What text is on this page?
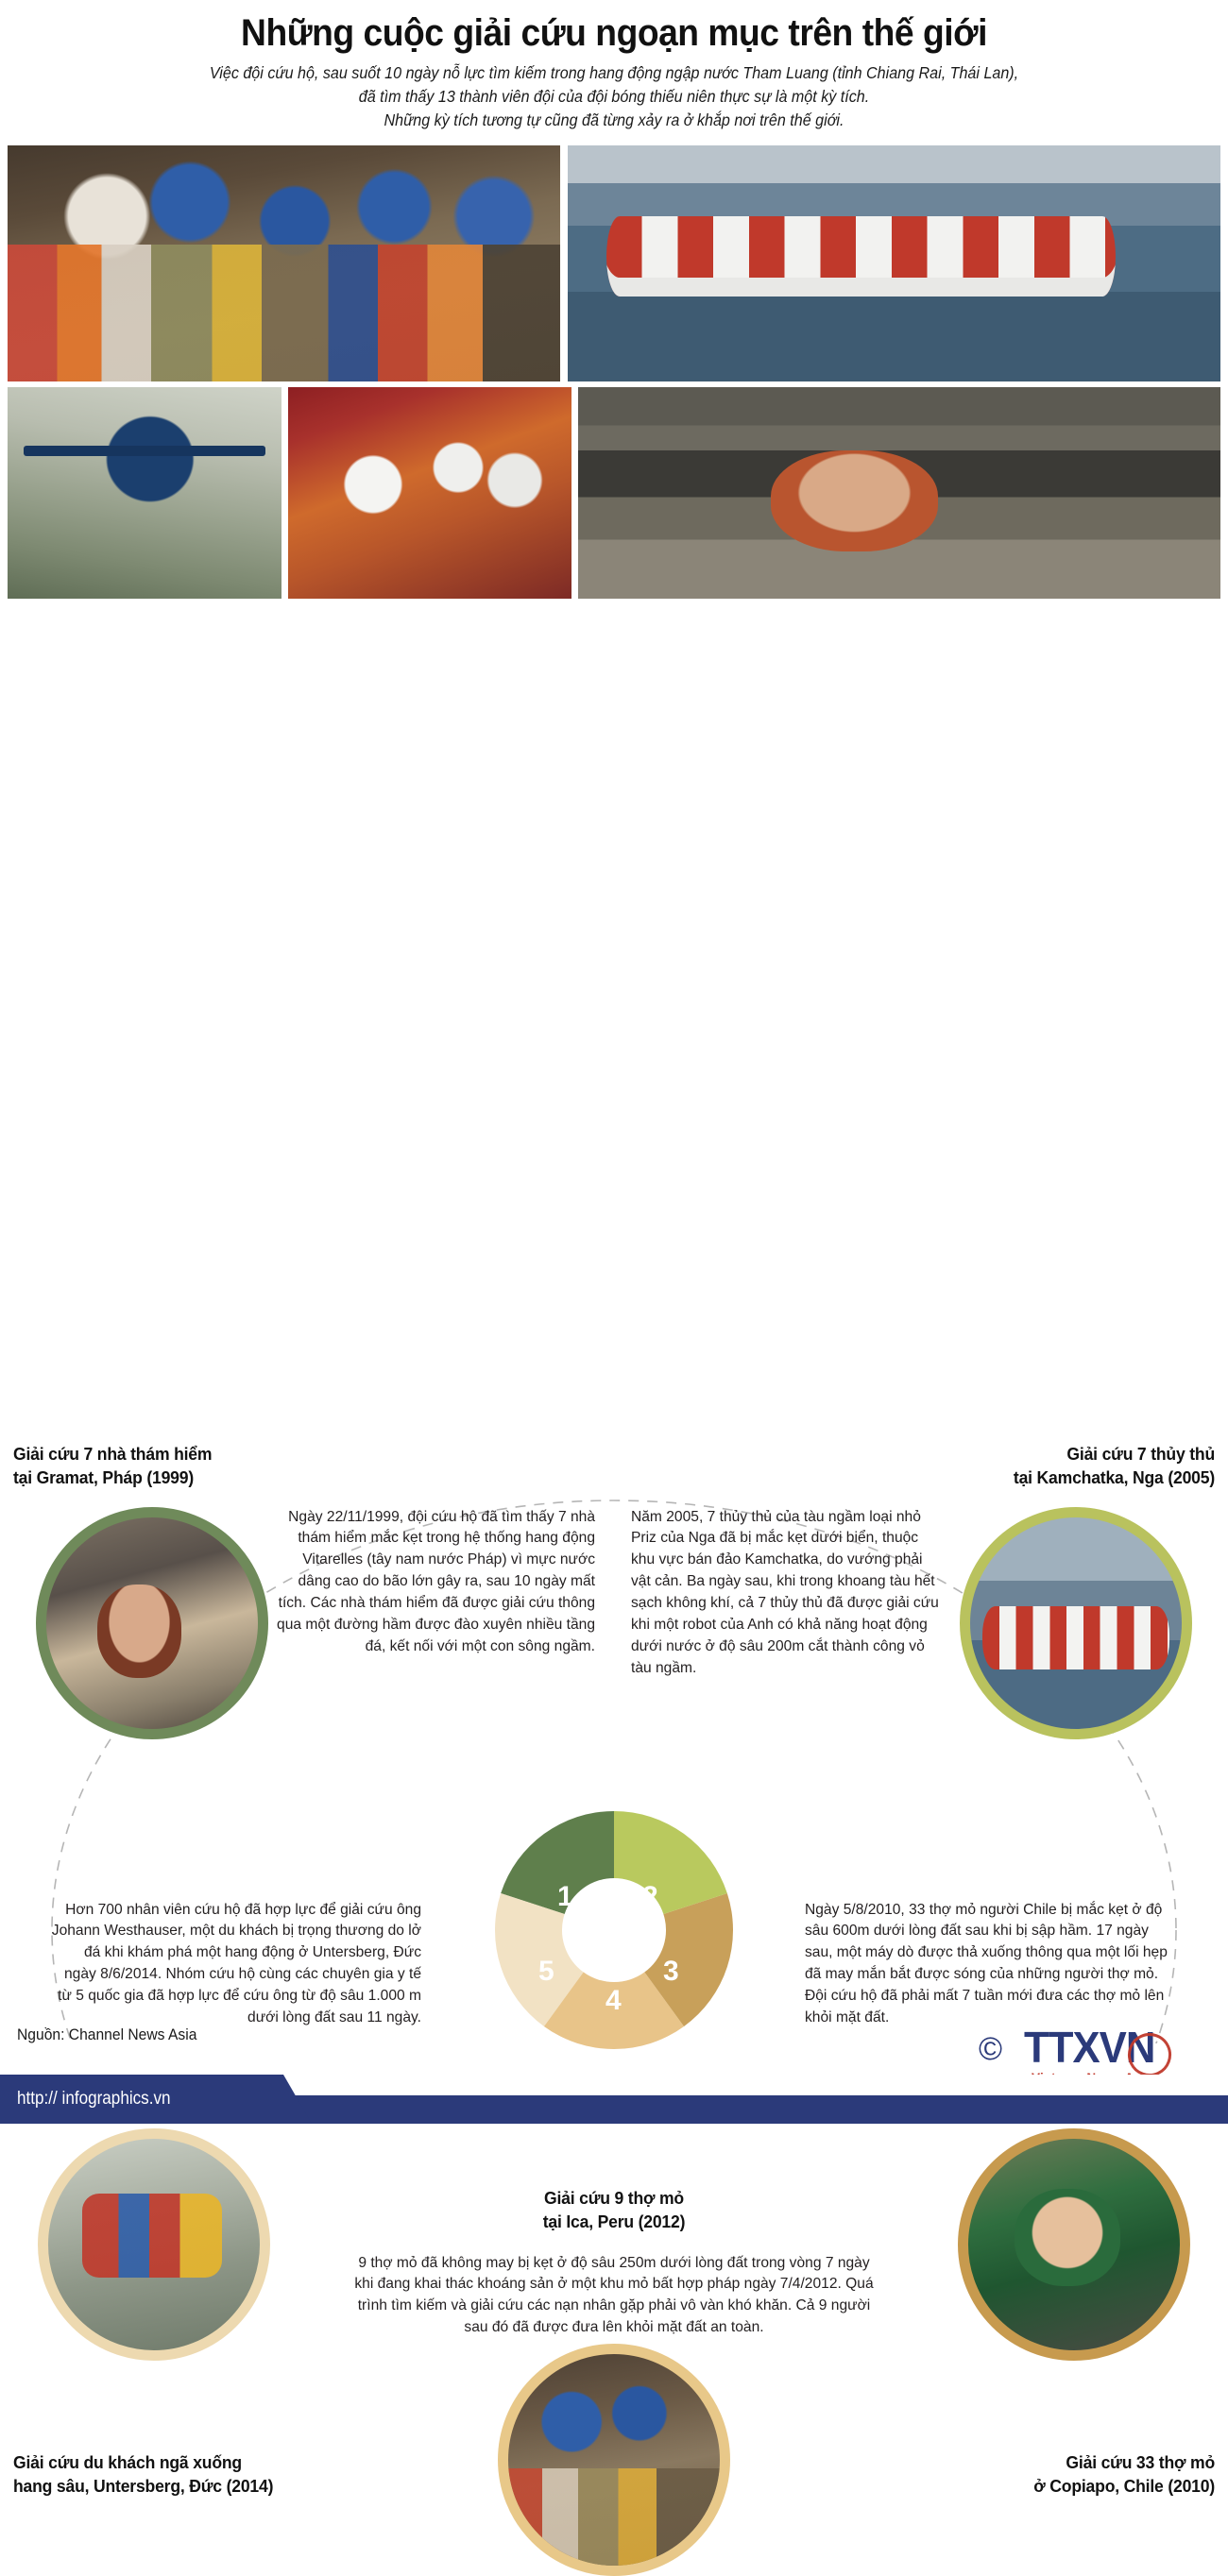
Những cuộc giải cứu ngoạn mục trên thế giới
Việc đội cứu hộ, sau suốt 10 ngày nỗ lực tìm kiếm trong hang động ngập nước Tham Luang (tỉnh Chiang Rai, Thái Lan),
đã tìm thấy 13 thành viên đội của đội bóng thiếu niên thực sự là một kỳ tích.
Những kỳ tích tương tự cũng đã từng xảy ra ở khắp nơi trên thế giới.
1 2
3
4
5
Giải cứu 7 nhà thám hiểm
tại Gramat, Pháp (1999)
Ngày 22/11/1999, đội cứu hộ đã tìm thấy 7 nhà thám hiểm mắc kẹt trong hệ thống hang động Vitarelles (tây nam nước Pháp) vì mực nước dâng cao do bão lớn gây ra, sau 10 ngày mất tích. Các nhà thám hiểm đã được giải cứu thông qua một đường hầm được đào xuyên nhiều tầng đá, kết nối với một con sông ngầm.
Giải cứu 7 thủy thủ
tại Kamchatka, Nga (2005)
Năm 2005, 7 thủy thủ của tàu ngầm loại nhỏ Priz của Nga đã bị mắc kẹt dưới biển, thuộc khu vực bán đảo Kamchatka, do vướng phải vật cản. Ba ngày sau, khi trong khoang tàu hết sạch không khí, cả 7 thủy thủ đã được giải cứu khi một robot của Anh có khả năng hoạt động dưới nước ở độ sâu 200m cắt thành công vỏ tàu ngầm.
Hơn 700 nhân viên cứu hộ đã hợp lực để giải cứu ông Johann Westhauser, một du khách bị trọng thương do lở đá khi khám phá một hang động ở Untersberg, Đức ngày 8/6/2014. Nhóm cứu hộ cùng các chuyên gia y tế từ 5 quốc gia đã hợp lực để cứu ông từ độ sâu 1.000 m dưới lòng đất sau 11 ngày.
Giải cứu du khách ngã xuống
hang sâu, Untersberg, Đức (2014)
Ngày 5/8/2010, 33 thợ mỏ người Chile bị mắc kẹt ở độ sâu 600m dưới lòng đất sau khi bị sập hầm. 17 ngày sau, một máy dò được thả xuống thông qua một lối hẹp đã may mắn bắt được sóng của những người thợ mỏ. Đội cứu hộ đã phải mất 7 tuần mới đưa các thợ mỏ lên khỏi mặt đất.
Giải cứu 33 thợ mỏ
ở Copiapo, Chile (2010)
Giải cứu 9 thợ mỏ
tại Ica, Peru (2012)
9 thợ mỏ đã không may bị kẹt ở độ sâu 250m dưới lòng đất trong vòng 7 ngày khi đang khai thác khoáng sản ở một khu mỏ bất hợp pháp ngày 7/4/2012. Quá trình tìm kiếm và giải cứu các nạn nhân gặp phải vô vàn khó khăn. Cả 9 người sau đó đã được đưa lên khỏi mặt đất an toàn.
Nguồn: Channel News Asia	© TTXVN
http:// infographics.vn
